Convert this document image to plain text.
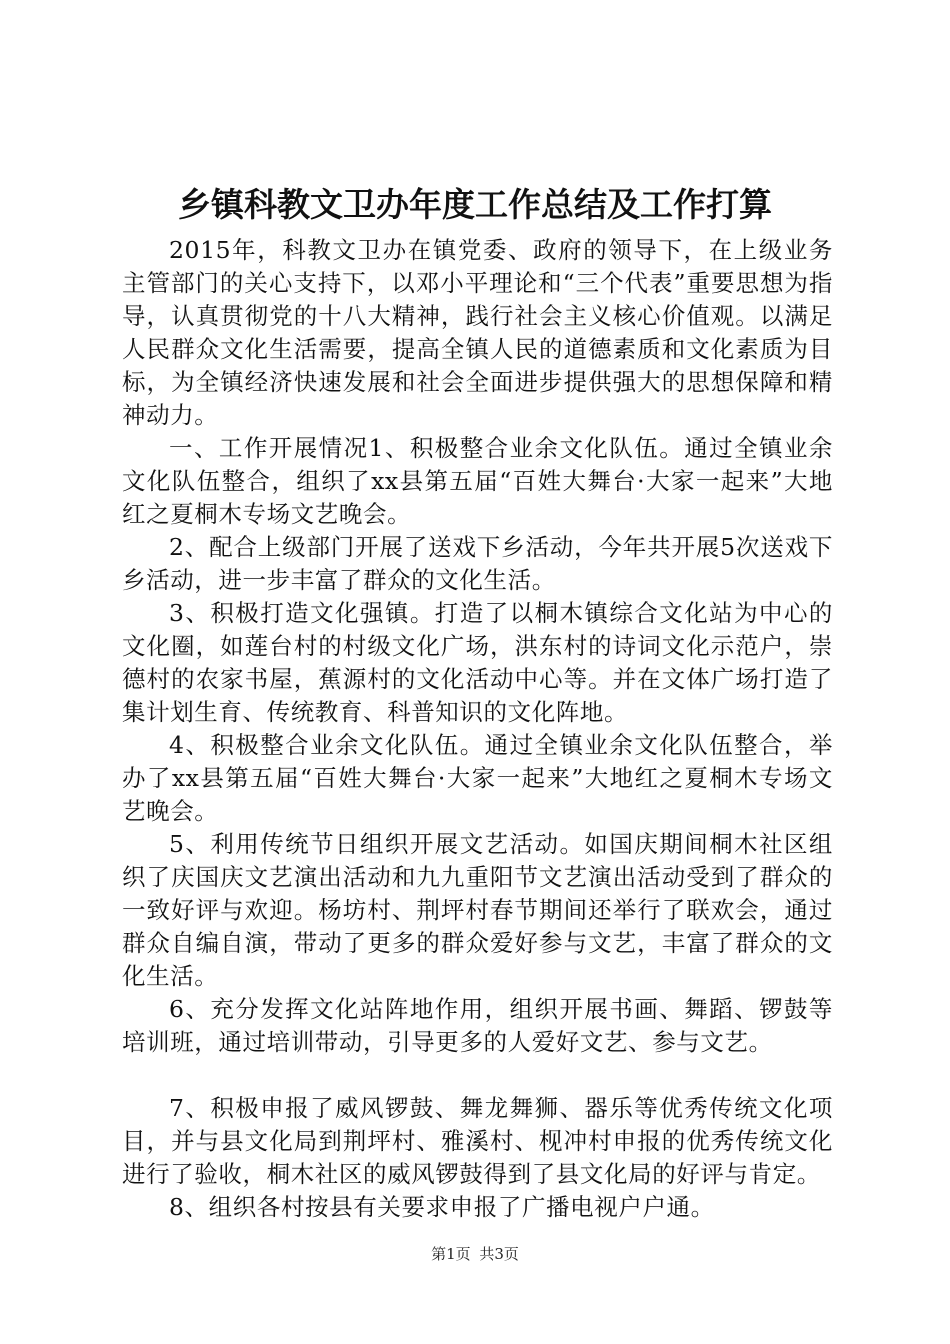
乡镇科教文卫办年度工作总结及工作打算

2015年，科教文卫办在镇党委、政府的领导下，在上级业务主管部门的关心支持下，以邓小平理论和“三个代表”重要思想为指导，认真贯彻党的十八大精神，践行社会主义核心价值观。以满足人民群众文化生活需要，提高全镇人民的道德素质和文化素质为目标，为全镇经济快速发展和社会全面进步提供强大的思想保障和精神动力。

一、工作开展情况1、积极整合业余文化队伍。通过全镇业余文化队伍整合，组织了xx县第五届“百姓大舞台·大家一起来”大地红之夏桐木专场文艺晚会。

2、配合上级部门开展了送戏下乡活动，今年共开展5次送戏下乡活动，进一步丰富了群众的文化生活。

3、积极打造文化强镇。打造了以桐木镇综合文化站为中心的文化圈，如莲台村的村级文化广场，洪东村的诗词文化示范户，崇德村的农家书屋，蕉源村的文化活动中心等。并在文体广场打造了集计划生育、传统教育、科普知识的文化阵地。

4、积极整合业余文化队伍。通过全镇业余文化队伍整合，举办了xx县第五届“百姓大舞台·大家一起来”大地红之夏桐木专场文艺晚会。

5、利用传统节日组织开展文艺活动。如国庆期间桐木社区组织了庆国庆文艺演出活动和九九重阳节文艺演出活动受到了群众的一致好评与欢迎。杨坊村、荆坪村春节期间还举行了联欢会，通过群众自编自演，带动了更多的群众爱好参与文艺，丰富了群众的文化生活。

6、充分发挥文化站阵地作用，组织开展书画、舞蹈、锣鼓等培训班，通过培训带动，引导更多的人爱好文艺、参与文艺。

7、积极申报了威风锣鼓、舞龙舞狮、器乐等优秀传统文化项目，并与县文化局到荆坪村、雅溪村、枧冲村申报的优秀传统文化进行了验收，桐木社区的威风锣鼓得到了县文化局的好评与肯定。

8、组织各村按县有关要求申报了广播电视户户通。

第1页 共3页
